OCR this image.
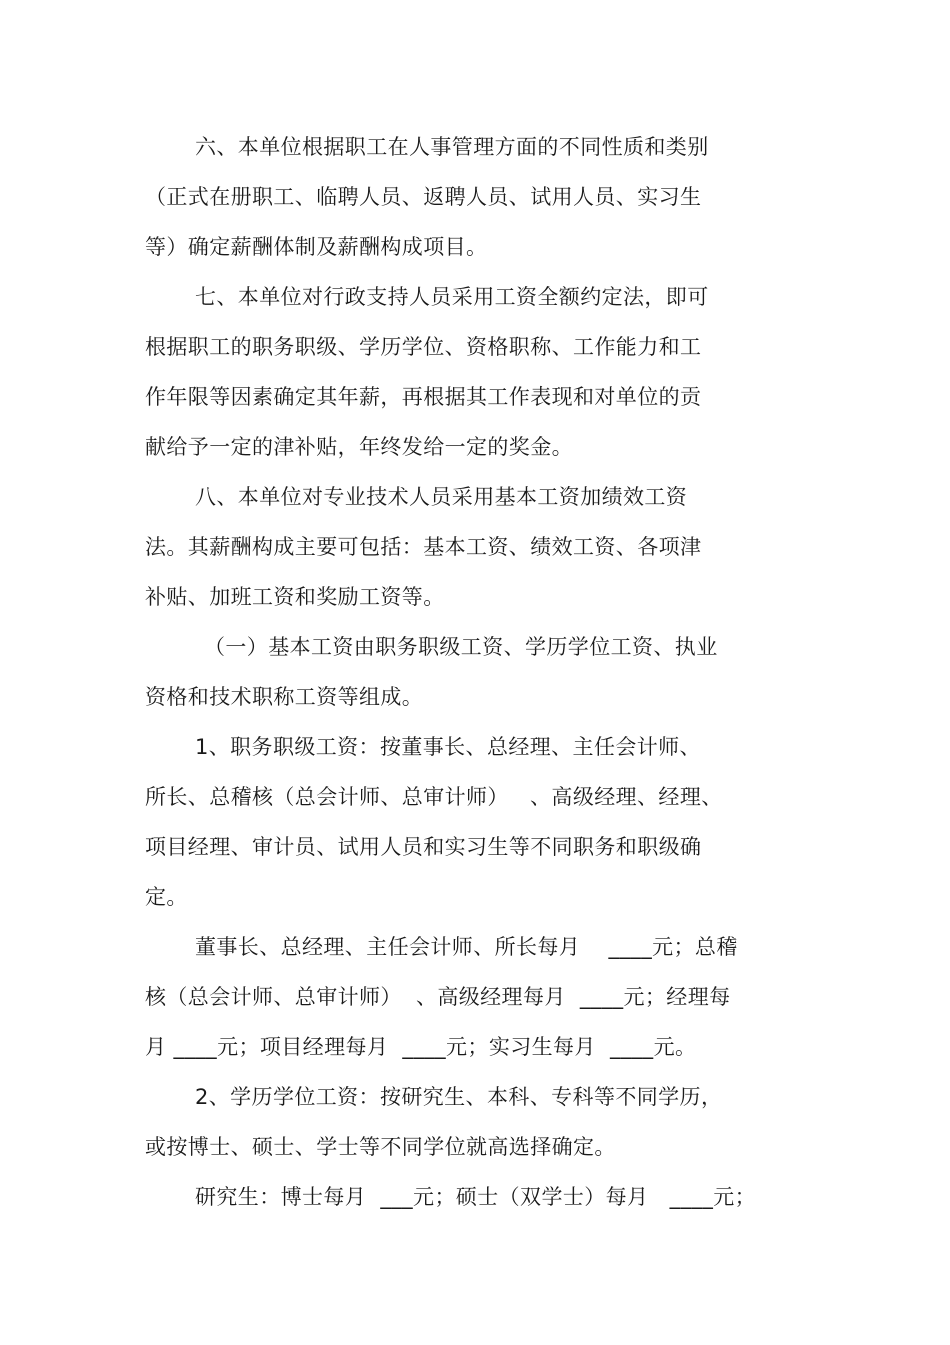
六、本单位根据职工在人事管理方面的不同性质和类别
（正式在册职工、临聘人员、返聘人员、试用人员、实习生
等）确定薪酬体制及薪酬构成项目。
七、本单位对行政支持人员采用工资全额约定法，即可
根据职工的职务职级、学历学位、资格职称、工作能力和工
作年限等因素确定其年薪，再根据其工作表现和对单位的贡
献给予一定的津补贴，年终发给一定的奖金。
八、本单位对专业技术人员采用基本工资加绩效工资
法。其薪酬构成主要可包括：基本工资、绩效工资、各项津
补贴、加班工资和奖励工资等。
（一）基本工资由职务职级工资、学历学位工资、执业
资格和技术职称工资等组成。
1、职务职级工资：按董事长、总经理、主任会计师、
所长、总稽核（总会计师、总审计师）   、高级经理、经理、
项目经理、审计员、试用人员和实习生等不同职务和职级确
定。
董事长、总经理、主任会计师、所长每月    ____元；总稽
核（总会计师、总审计师）  、高级经理每月  ____元；经理每
月 ____元；项目经理每月  ____元；实习生每月  ____元。
2、学历学位工资：按研究生、本科、专科等不同学历，
或按博士、硕士、学士等不同学位就高选择确定。
研究生：博士每月  ___元；硕士（双学士）每月   ____元；
